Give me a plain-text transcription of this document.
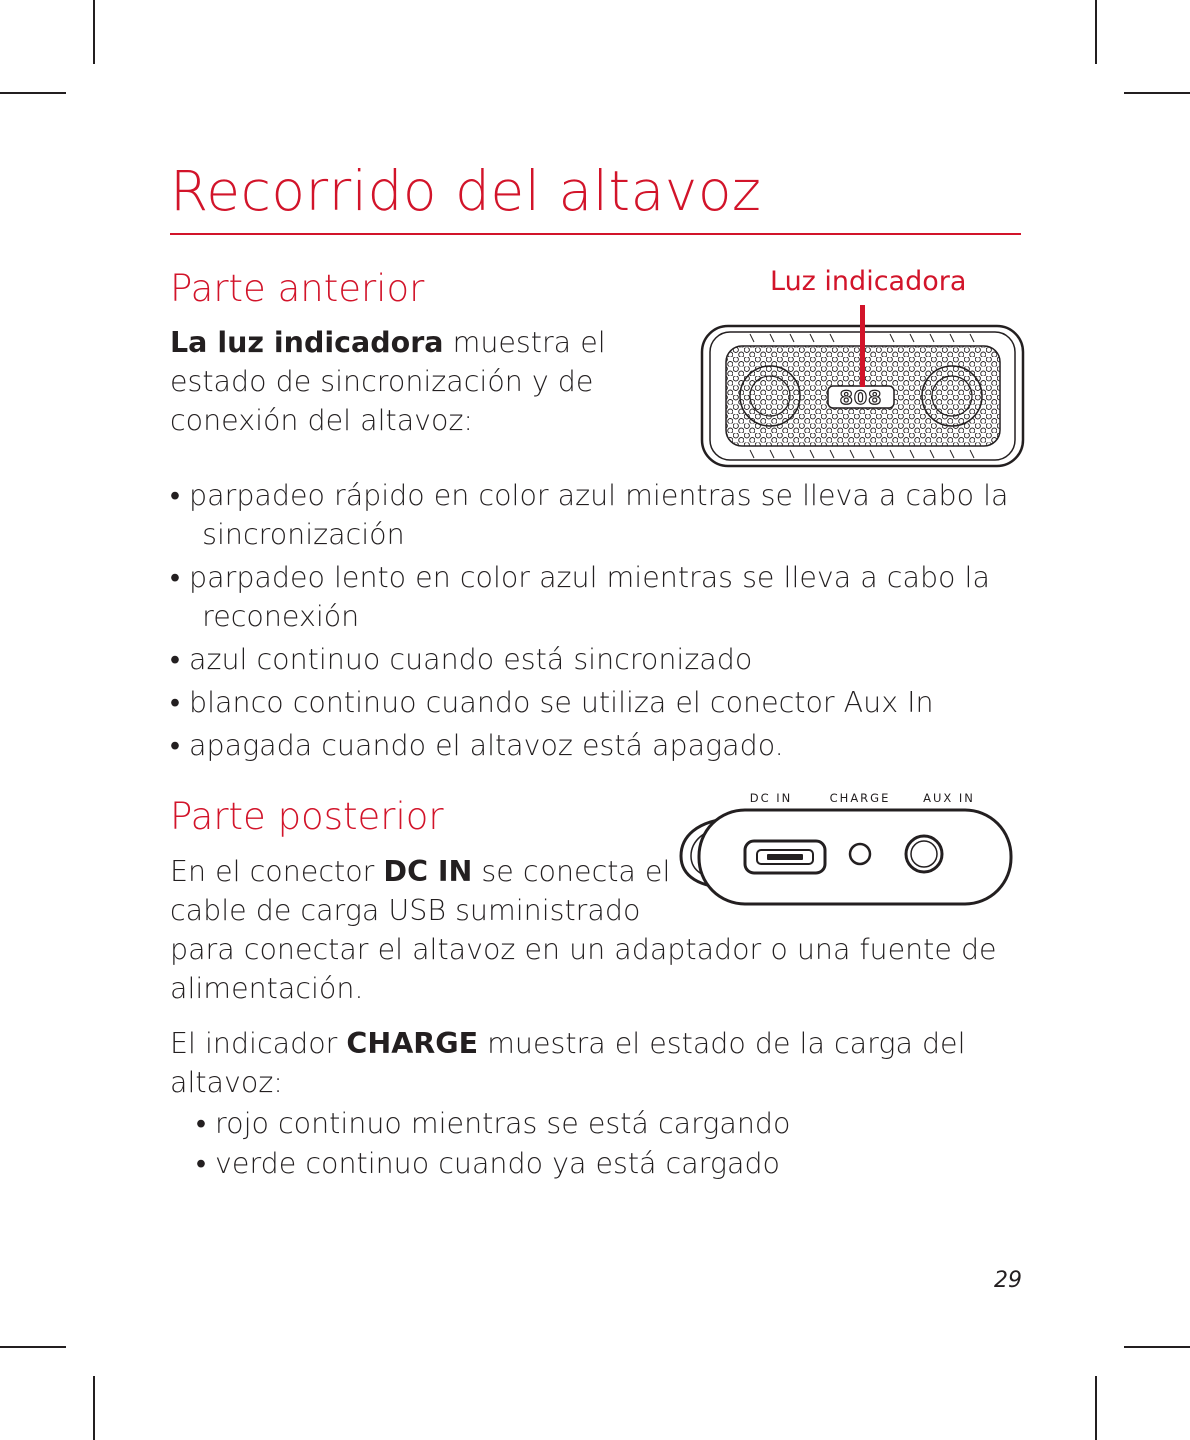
Recorrido del altavoz
Parte anterior
La luz indicadora muestra el
estado de sincronización y de
conexión del altavoz:
Luz indicadora
808
• parpadeo rápido en color azul mientras se lleva a cabo la
sincronización
• parpadeo lento en color azul mientras se lleva a cabo la
reconexión
• azul continuo cuando está sincronizado
• blanco continuo cuando se utiliza el conector Aux In
• apagada cuando el altavoz está apagado.
Parte posterior	DC IN	CHARGE	AUX IN
En el conector DC IN se conecta el
cable de carga USB suministrado
para conectar el altavoz en un adaptador o una fuente de
alimentación.
El indicador CHARGE muestra el estado de la carga del
altavoz:
• rojo continuo mientras se está cargando
• verde continuo cuando ya está cargado
29
